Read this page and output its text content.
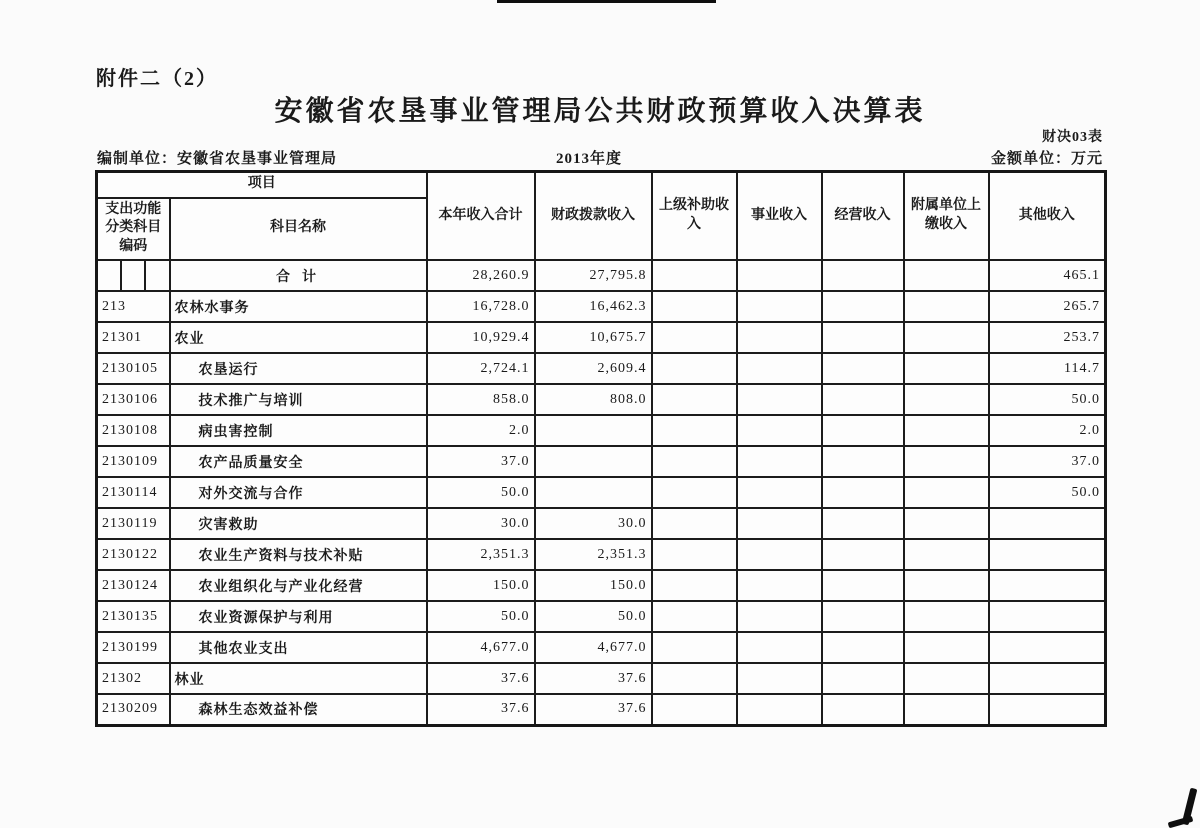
附件二（2）
安徽省农垦事业管理局公共财政预算收入决算表
财决03表
编制单位：安徽省农垦事业管理局	2013年度	金额单位：万元
项目		本年收入合计	财政拨款收入	上级补助收入	事业收入	经营收入	附属单位上缴收入	其他收入
支出功能分类科目编码	科目名称							

	合计	28,260.9	27,795.8					465.1
213	农林水事务	16,728.0	16,462.3					265.7
21301	农业	10,929.4	10,675.7					253.7
2130105	农垦运行	2,724.1	2,609.4					114.7
2130106	技术推广与培训	858.0	808.0					50.0
2130108	病虫害控制	2.0						2.0
2130109	农产品质量安全	37.0						37.0
2130114	对外交流与合作	50.0						50.0
2130119	灾害救助	30.0	30.0					
2130122	农业生产资料与技术补贴	2,351.3	2,351.3					
2130124	农业组织化与产业化经营	150.0	150.0					
2130135	农业资源保护与利用	50.0	50.0					
2130199	其他农业支出	4,677.0	4,677.0					
21302	林业	37.6	37.6					
2130209	森林生态效益补偿	37.6	37.6					
